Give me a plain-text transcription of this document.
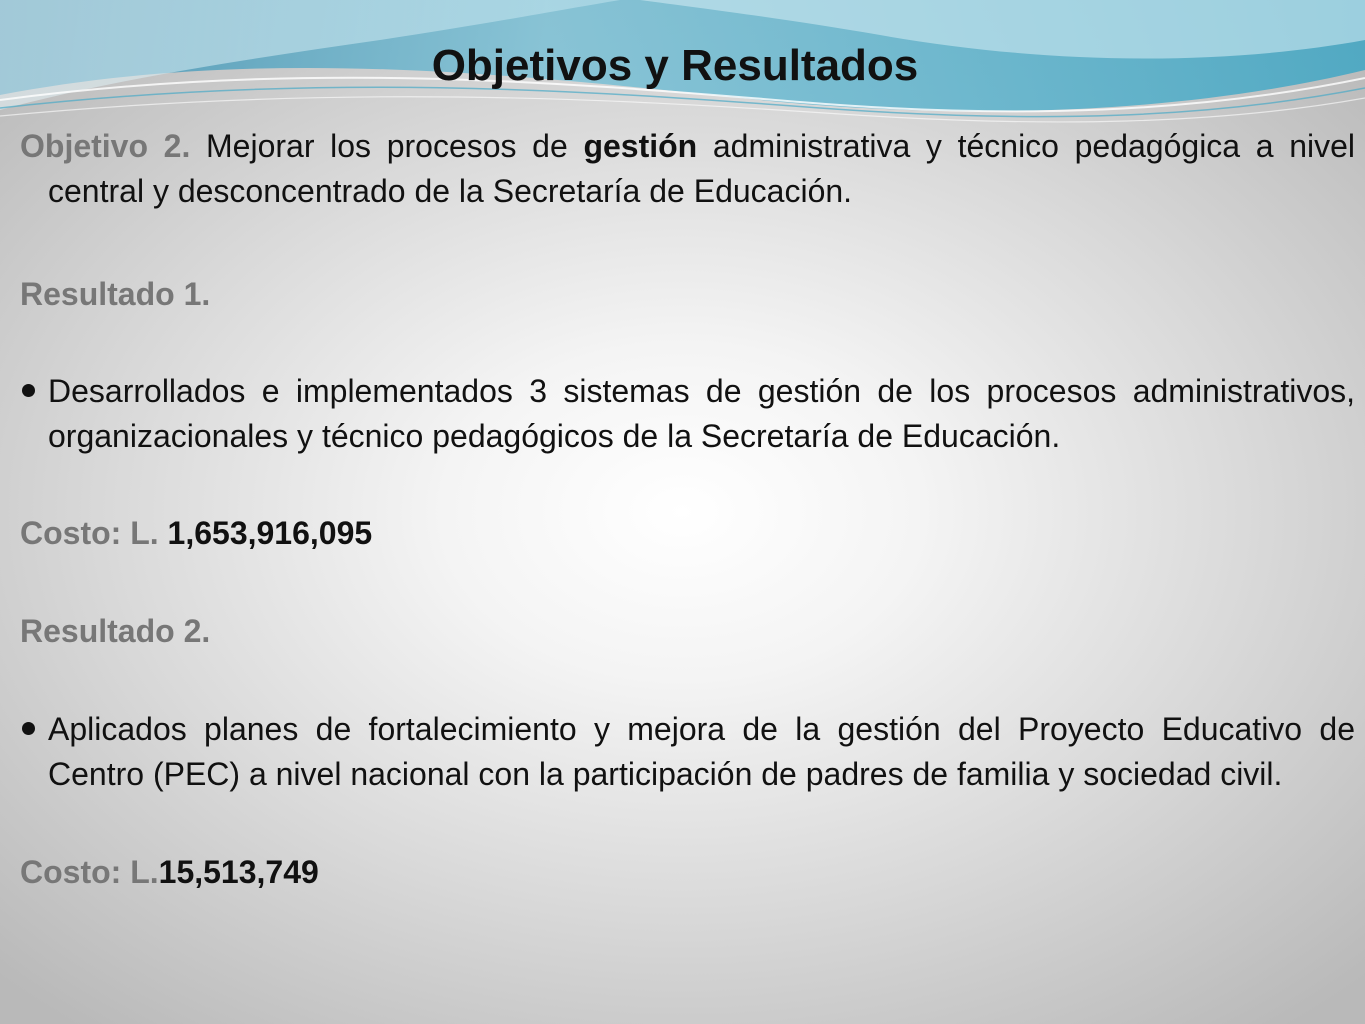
Objetivos y Resultados

Objetivo 2. Mejorar los procesos de gestión administrativa y técnico pedagógica a nivel central y desconcentrado de la Secretaría de Educación.

Resultado 1.

Desarrollados e implementados 3 sistemas de gestión de los procesos administrativos, organizacionales y técnico pedagógicos de la Secretaría de Educación.

Costo: L. 1,653,916,095

Resultado 2.

Aplicados planes de fortalecimiento y mejora de la gestión del Proyecto Educativo de Centro (PEC) a nivel nacional con la participación de padres de familia y sociedad civil.

Costo: L.15,513,749
